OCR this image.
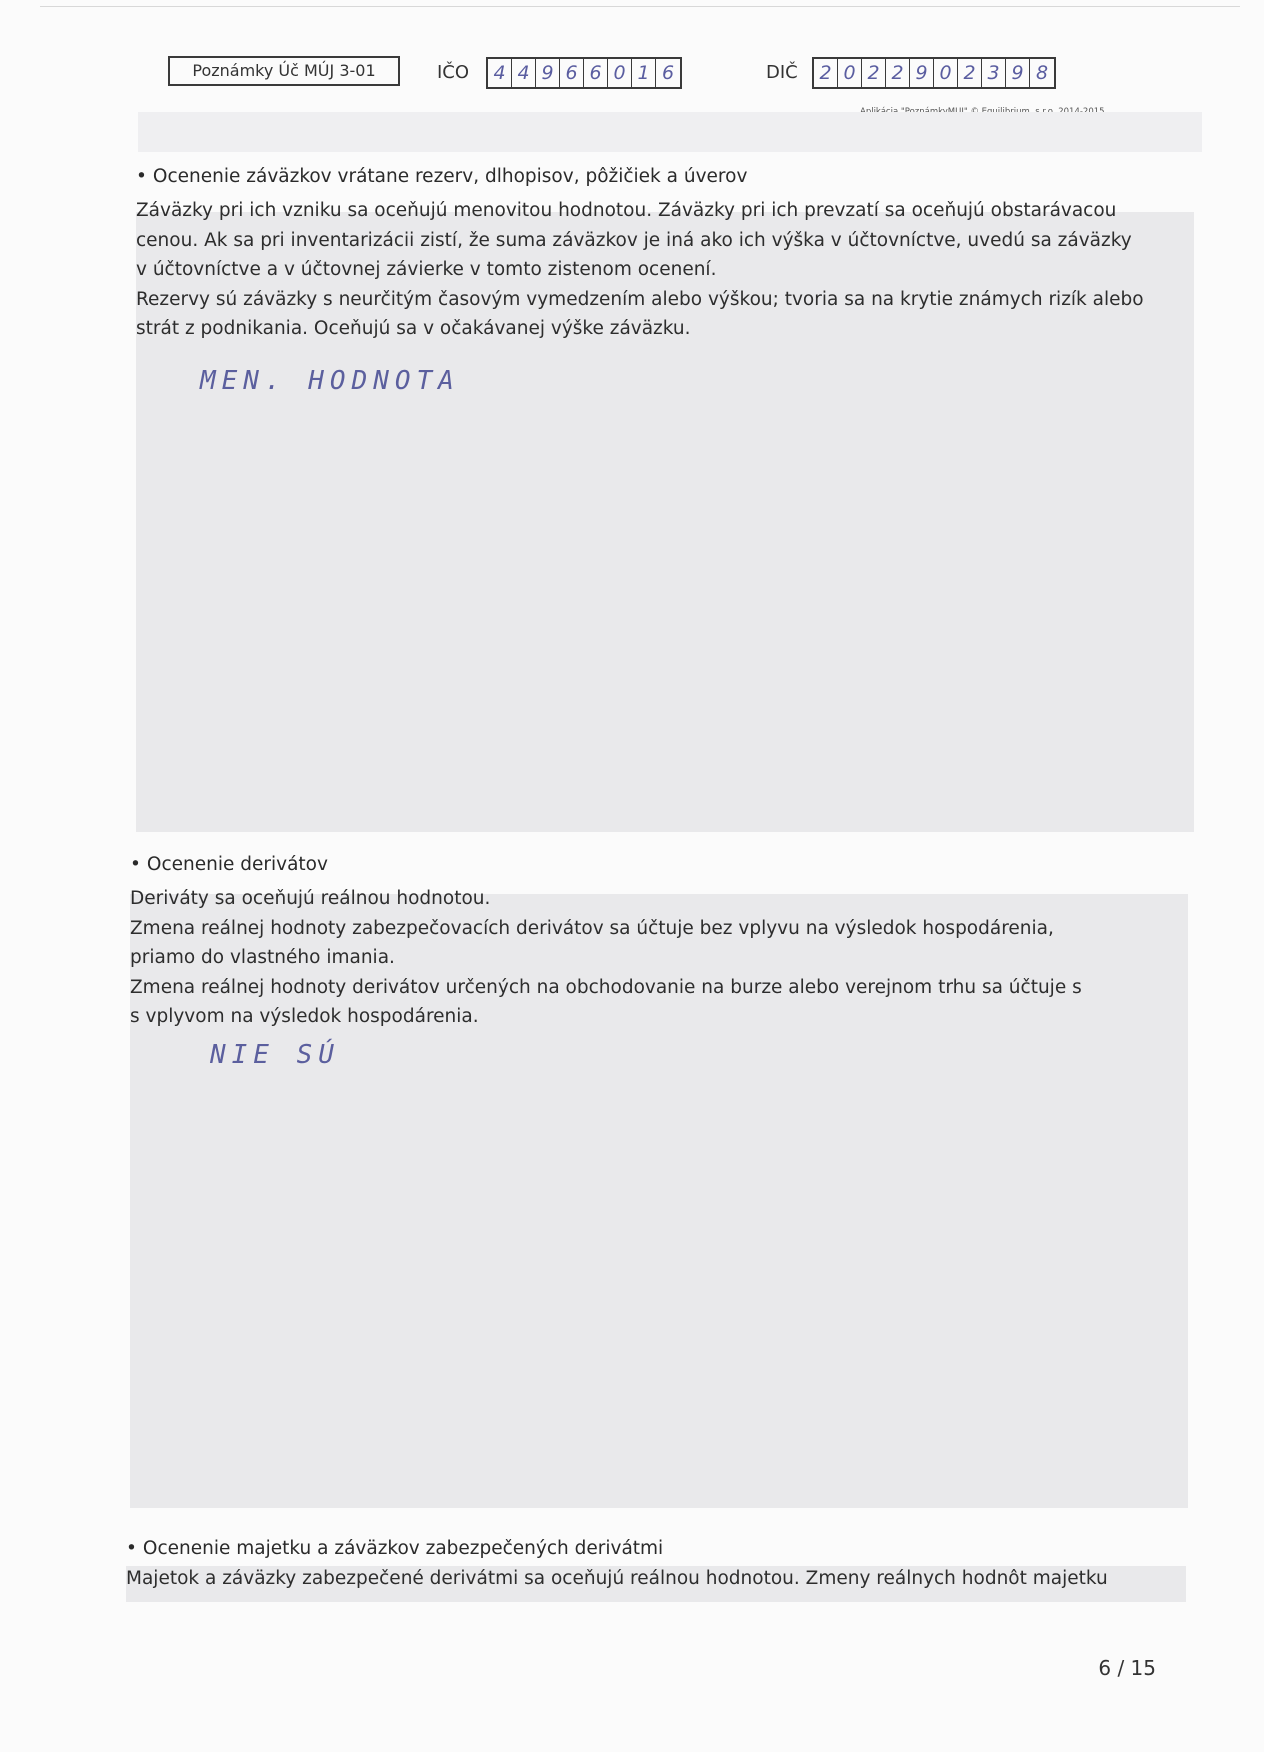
Poznámky Úč MÚJ 3-01	IČO 4 4 9 6 6 0 1 6	DIČ 2 0 2 2 9 0 2 3 9 8
• Ocenenie záväzkov vrátane rezerv, dlhopisov, pôžičiek a úverov
Záväzky pri ich vzniku sa oceňujú menovitou hodnotou. Záväzky pri ich prevzatí sa oceňujú obstarávacou
cenou. Ak sa pri inventarizácii zistí, že suma záväzkov je iná ako ich výška v účtovníctve, uvedú sa záväzky
v účtovníctve a v účtovnej závierke v tomto zistenom ocenení.
Rezervy sú záväzky s neurčitým časovým vymedzením alebo výškou; tvoria sa na krytie známych rizík alebo
strát z podnikania. Oceňujú sa v očakávanej výške záväzku.
MEN. HODNOTA
• Ocenenie derivátov
Deriváty sa oceňujú reálnou hodnotou.
Zmena reálnej hodnoty zabezpečovacích derivátov sa účtuje bez vplyvu na výsledok hospodárenia,
priamo do vlastného imania.
Zmena reálnej hodnoty derivátov určených na obchodovanie na burze alebo verejnom trhu sa účtuje s
s vplyvom na výsledok hospodárenia.
NIE SÚ
• Ocenenie majetku a záväzkov zabezpečených derivátmi
Majetok a záväzky zabezpečené derivátmi sa oceňujú reálnou hodnotou. Zmeny reálnych hodnôt majetku
6 / 15
